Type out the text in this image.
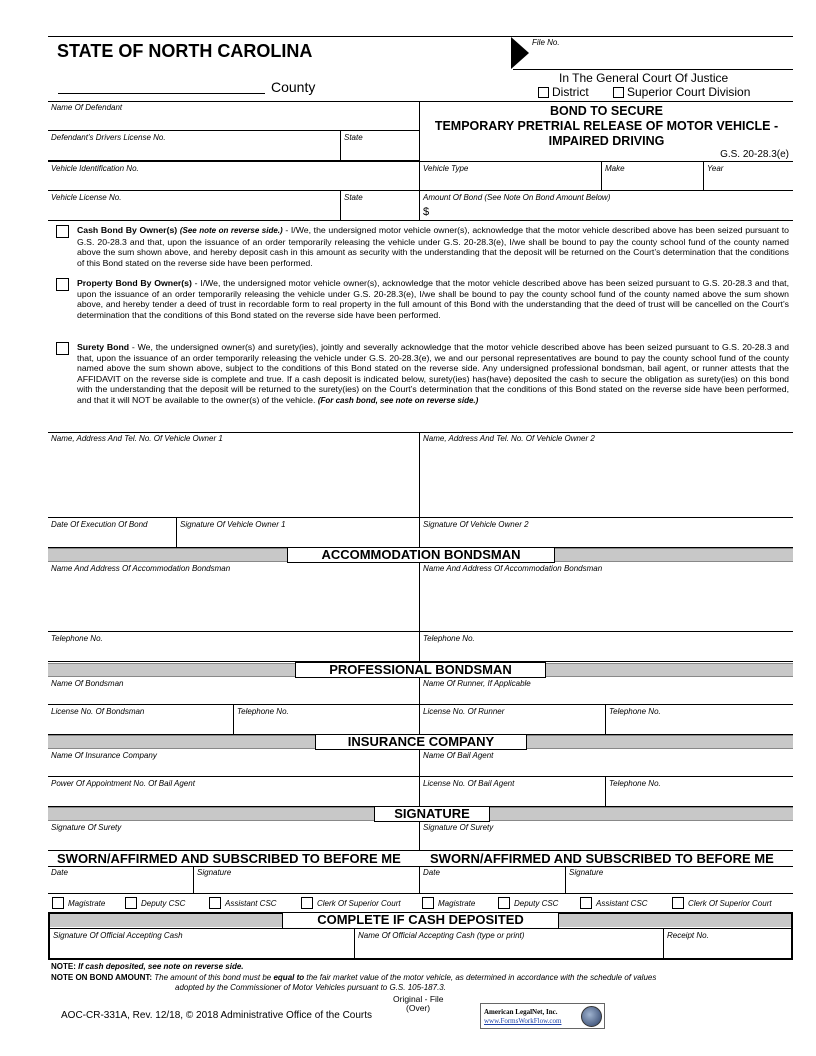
STATE OF NORTH CAROLINA	File No.
County
In The General Court Of Justice
District	Superior Court Division
Name Of Defendant
Defendant’s Drivers License No.	State
BOND TO SECURE
TEMPORARY PRETRIAL RELEASE OF MOTOR VEHICLE -
IMPAIRED DRIVING
G.S. 20-28.3(e)
Vehicle Identification No.	Vehicle Type	Make	Year
Vehicle License No.	State	Amount Of Bond (See Note On Bond Amount Below)
$
Cash Bond By Owner(s) (See note on reverse side.) - I/We, the undersigned motor vehicle owner(s), acknowledge that the motor vehicle described above has been seized pursuant to G.S. 20-28.3 and that, upon the issuance of an order temporarily releasing the vehicle under G.S. 20-28.3(e), I/we shall be bound to pay the county school fund of the county named above the sum shown above, and hereby deposit cash in this amount as security with the understanding that the deposit will be returned on the Court’s determination that the conditions of this Bond stated on the reverse side have been performed.
Property Bond By Owner(s) - I/We, the undersigned motor vehicle owner(s), acknowledge that the motor vehicle described above has been seized pursuant to G.S. 20-28.3 and that, upon the issuance of an order temporarily releasing the vehicle under G.S. 20-28.3(e), I/we shall be bound to pay the county school fund of the county named above the sum shown above, and hereby tender a deed of trust in recordable form to real property in the full amount of this Bond with the understanding that the deed of trust will be cancelled on the Court’s determination that the conditions of this Bond stated on the reverse side have been performed.
Surety Bond - We, the undersigned owner(s) and surety(ies), jointly and severally acknowledge that the motor vehicle described above has been seized pursuant to G.S. 20-28.3 and that, upon the issuance of an order temporarily releasing the vehicle under G.S. 20-28.3(e), we and our personal representatives are bound to pay the county school fund of the county named above the sum shown above, subject to the conditions of this Bond stated on the reverse side. Any undersigned professional bondsman, bail agent, or runner attests that the AFFIDAVIT on the reverse side is complete and true. If a cash deposit is indicated below, surety(ies) has(have) deposited the cash to secure the obligation as surety(ies) on this bond with the understanding that the deposit will be returned to the surety(ies) on the Court’s determination that the conditions of this Bond stated on the reverse side have been performed, and that it will NOT be available to the owner(s) of the vehicle. (For cash bond, see note on reverse side.)
Name, Address And Tel. No. Of Vehicle Owner 1	Name, Address And Tel. No. Of Vehicle Owner 2
Date Of Execution Of Bond	Signature Of Vehicle Owner 1	Signature Of Vehicle Owner 2
ACCOMMODATION BONDSMAN
Name And Address Of Accommodation Bondsman	Name And Address Of Accommodation Bondsman
Telephone No.	Telephone No.
PROFESSIONAL BONDSMAN
Name Of Bondsman	Name Of Runner, If Applicable
License No. Of Bondsman	Telephone No.	License No. Of Runner	Telephone No.
INSURANCE COMPANY
Name Of Insurance Company	Name Of Bail Agent
Power Of Appointment No. Of Bail Agent	License No. Of Bail Agent	Telephone No.
SIGNATURE
Signature Of Surety	Signature Of Surety
SWORN/AFFIRMED AND SUBSCRIBED TO BEFORE ME SWORN/AFFIRMED AND SUBSCRIBED TO BEFORE ME
Date	Signature	Date	Signature
Magistrate	Deputy CSC	Assistant CSC	Clerk Of Superior Court	Magistrate	Deputy CSC	Assistant CSC	Clerk Of Superior Court
COMPLETE IF CASH DEPOSITED
Signature Of Official Accepting Cash	Name Of Official Accepting Cash (type or print)	Receipt No.
NOTE: If cash deposited, see note on reverse side.
NOTE ON BOND AMOUNT: The amount of this bond must be equal to the fair market value of the motor vehicle, as determined in accordance with the schedule of values
adopted by the Commissioner of Motor Vehicles pursuant to G.S. 105-187.3.
Original - File
(Over)
AOC-CR-331A, Rev. 12/18, © 2018 Administrative Office of the Courts	American LegalNet, Inc.
www.FormsWorkFlow.com
